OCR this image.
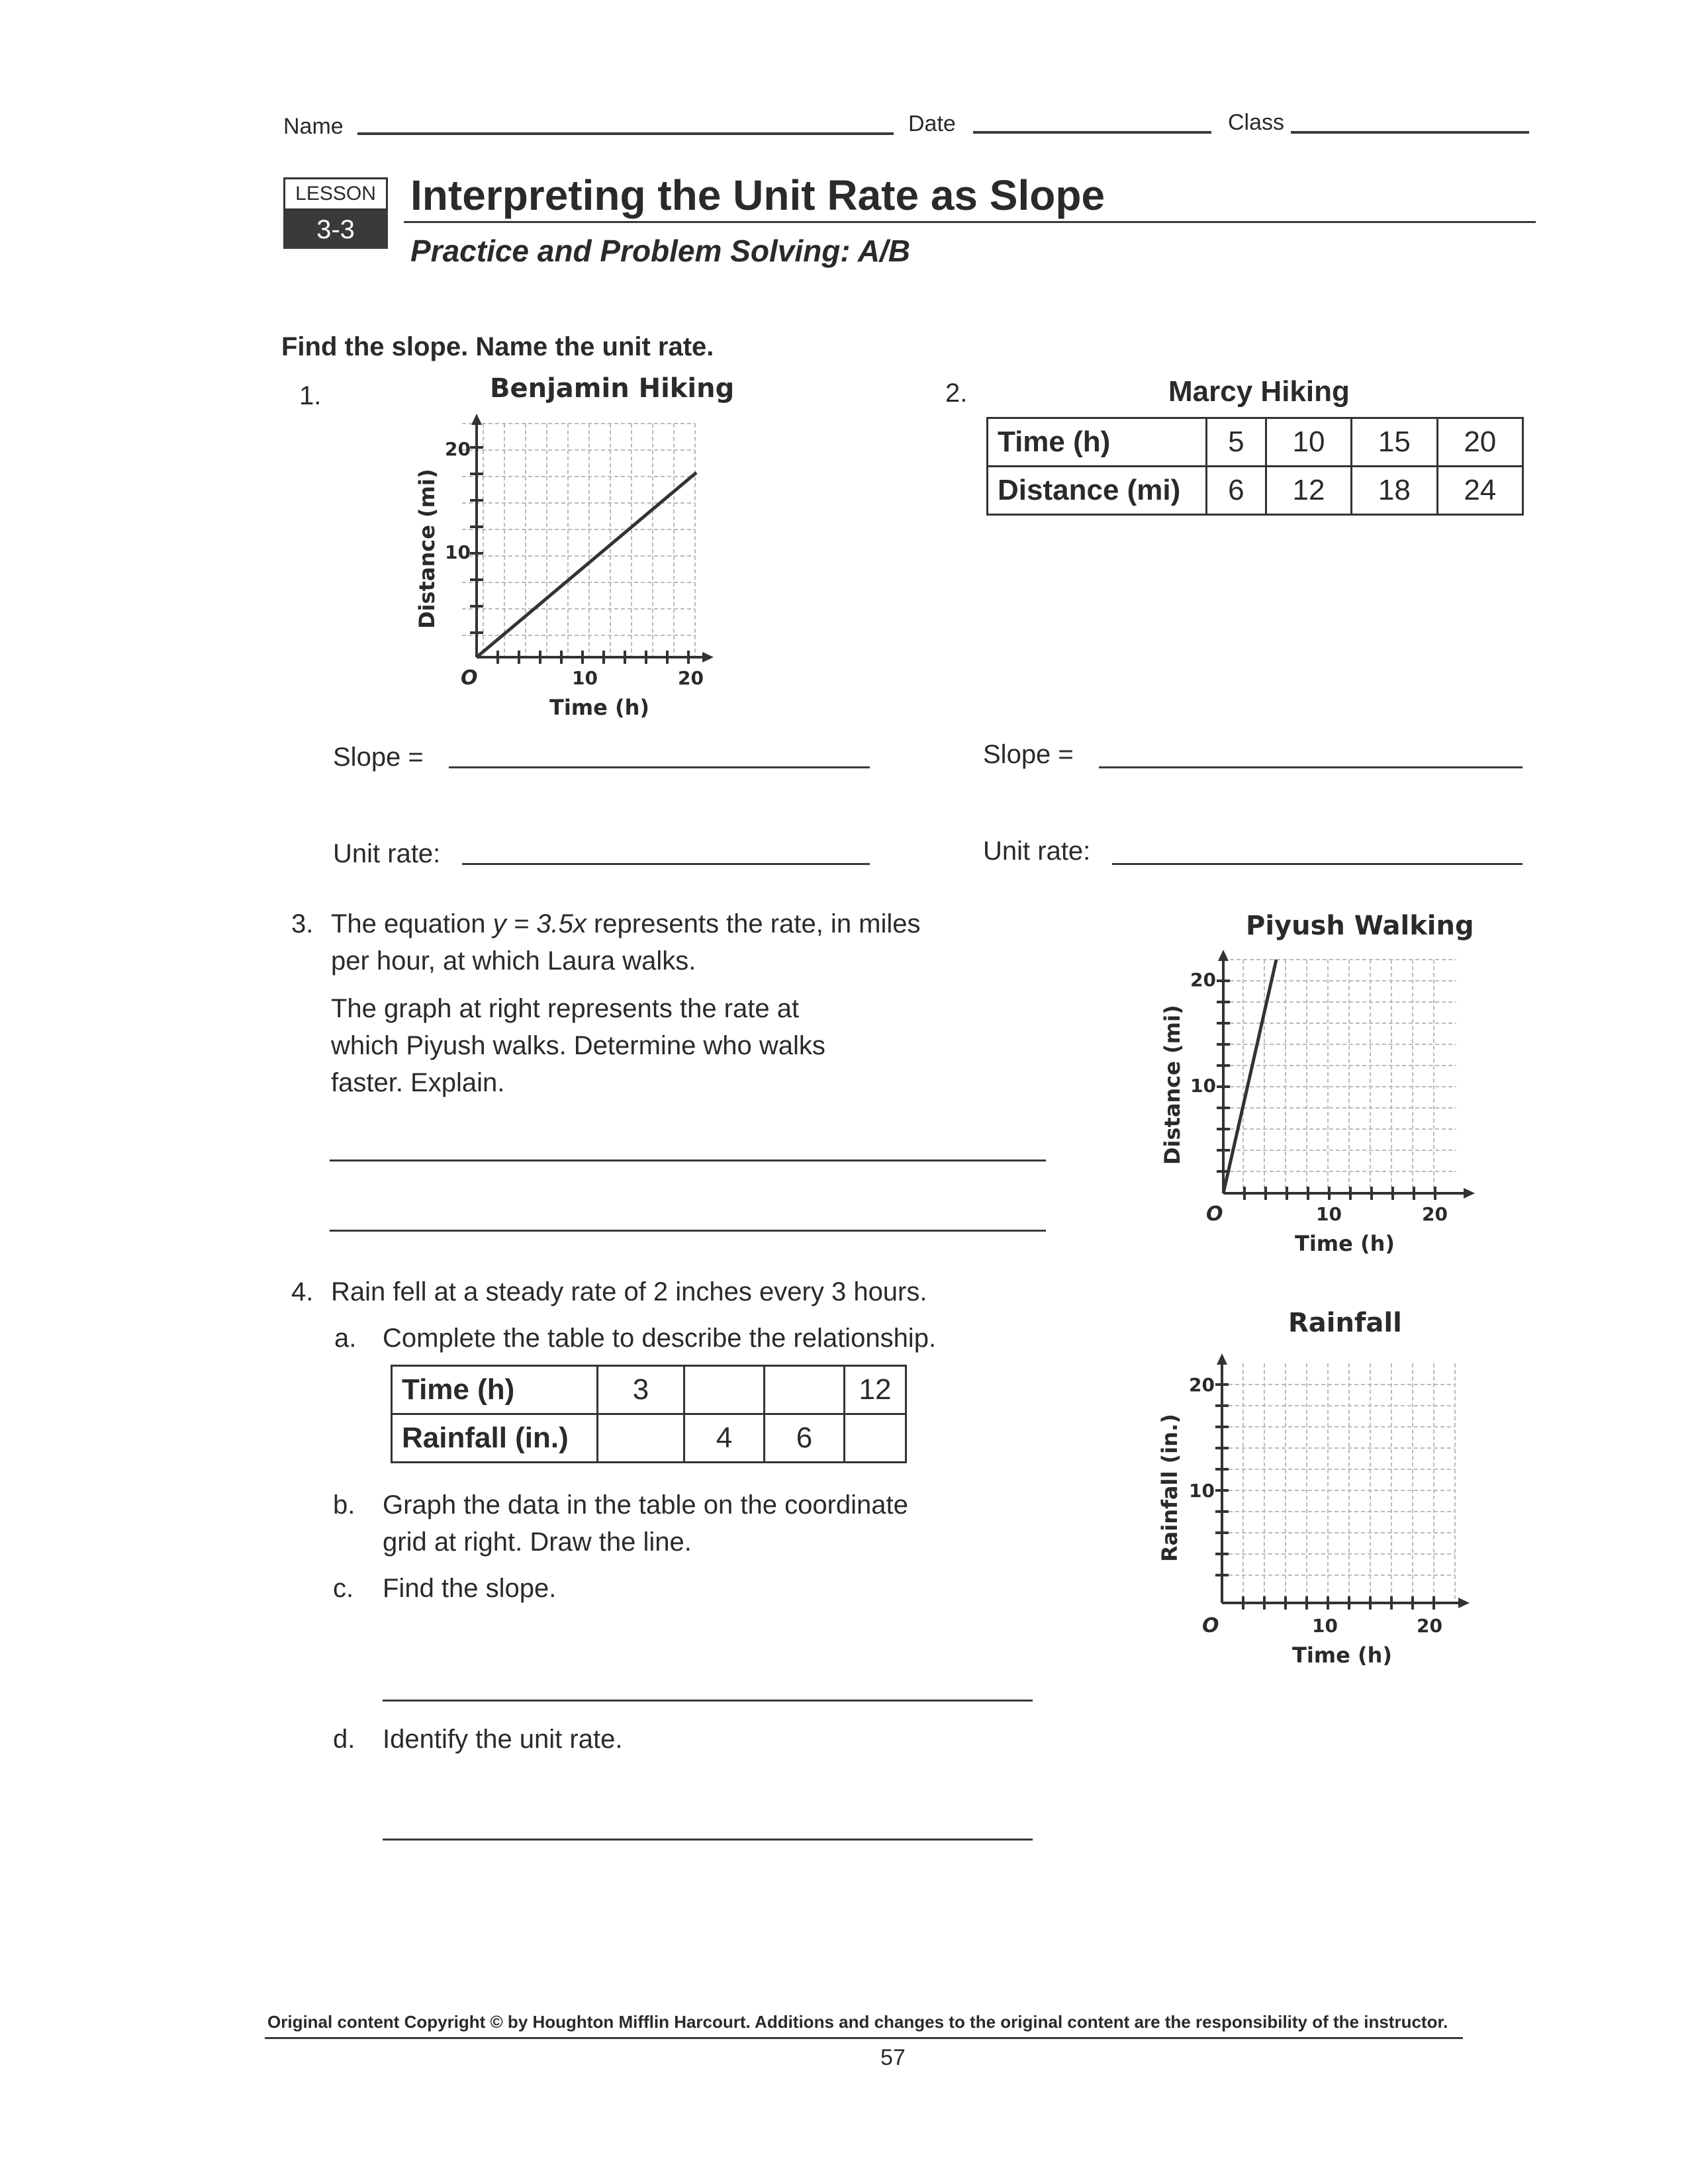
Name	Date	Class
LESSON
3-3
Interpreting the Unit Rate as Slope
Practice and Problem Solving: A/B
Find the slope. Name the unit rate.
1.	Benjamin Hiking
20
10
O	10	20
Time (h)
Distance (mi)
Slope =
Unit rate:
2.	Marcy Hiking
Time (h)	5	10	15	20
Distance (mi)	6	12	18	24
Slope =
Unit rate:
3. The equation y = 3.5x represents the rate, in miles
per hour, at which Laura walks.
The graph at right represents the rate at
which Piyush walks. Determine who walks
faster. Explain.
Piyush Walking
20
10
O	10	20
Time (h)
Distance (mi)
4. Rain fell at a steady rate of 2 inches every 3 hours.
a. Complete the table to describe the relationship.
Time (h)	3			12
Rainfall (in.)		4	6	
b. Graph the data in the table on the coordinate
grid at right. Draw the line.
c. Find the slope.
d. Identify the unit rate.
Rainfall
20
10
O	10	20
Time (h)
Rainfall (in.)
Original content Copyright © by Houghton Mifflin Harcourt. Additions and changes to the original content are the responsibility of the instructor.
57
